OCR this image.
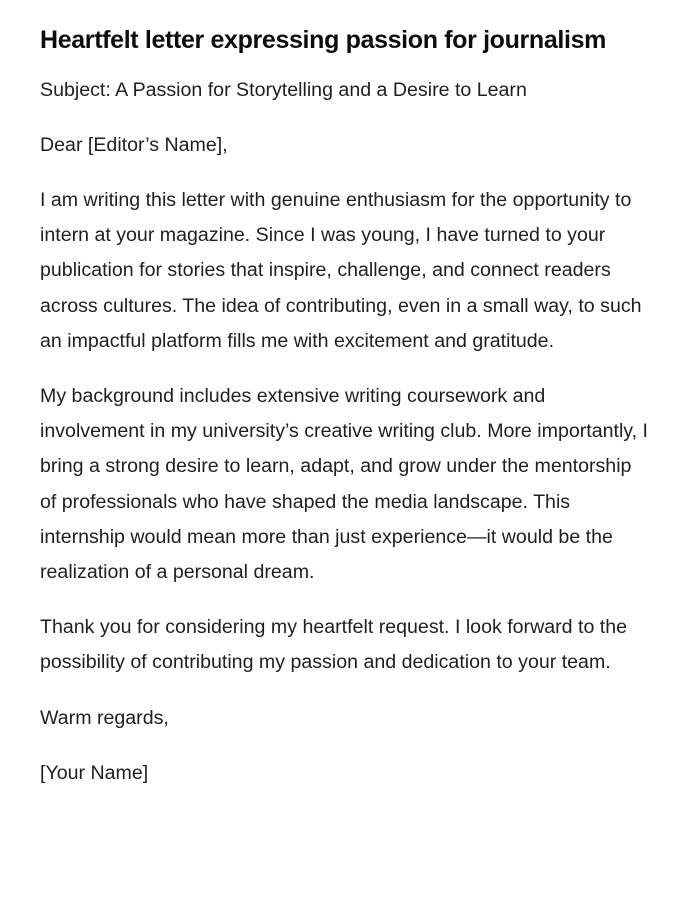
Heartfelt letter expressing passion for journalism

Subject: A Passion for Storytelling and a Desire to Learn

Dear [Editor’s Name],

I am writing this letter with genuine enthusiasm for the opportunity to intern at your magazine. Since I was young, I have turned to your publication for stories that inspire, challenge, and connect readers across cultures. The idea of contributing, even in a small way, to such an impactful platform fills me with excitement and gratitude.

My background includes extensive writing coursework and involvement in my university’s creative writing club. More importantly, I bring a strong desire to learn, adapt, and grow under the mentorship of professionals who have shaped the media landscape. This internship would mean more than just experience—it would be the realization of a personal dream.

Thank you for considering my heartfelt request. I look forward to the possibility of contributing my passion and dedication to your team.

Warm regards,

[Your Name]
